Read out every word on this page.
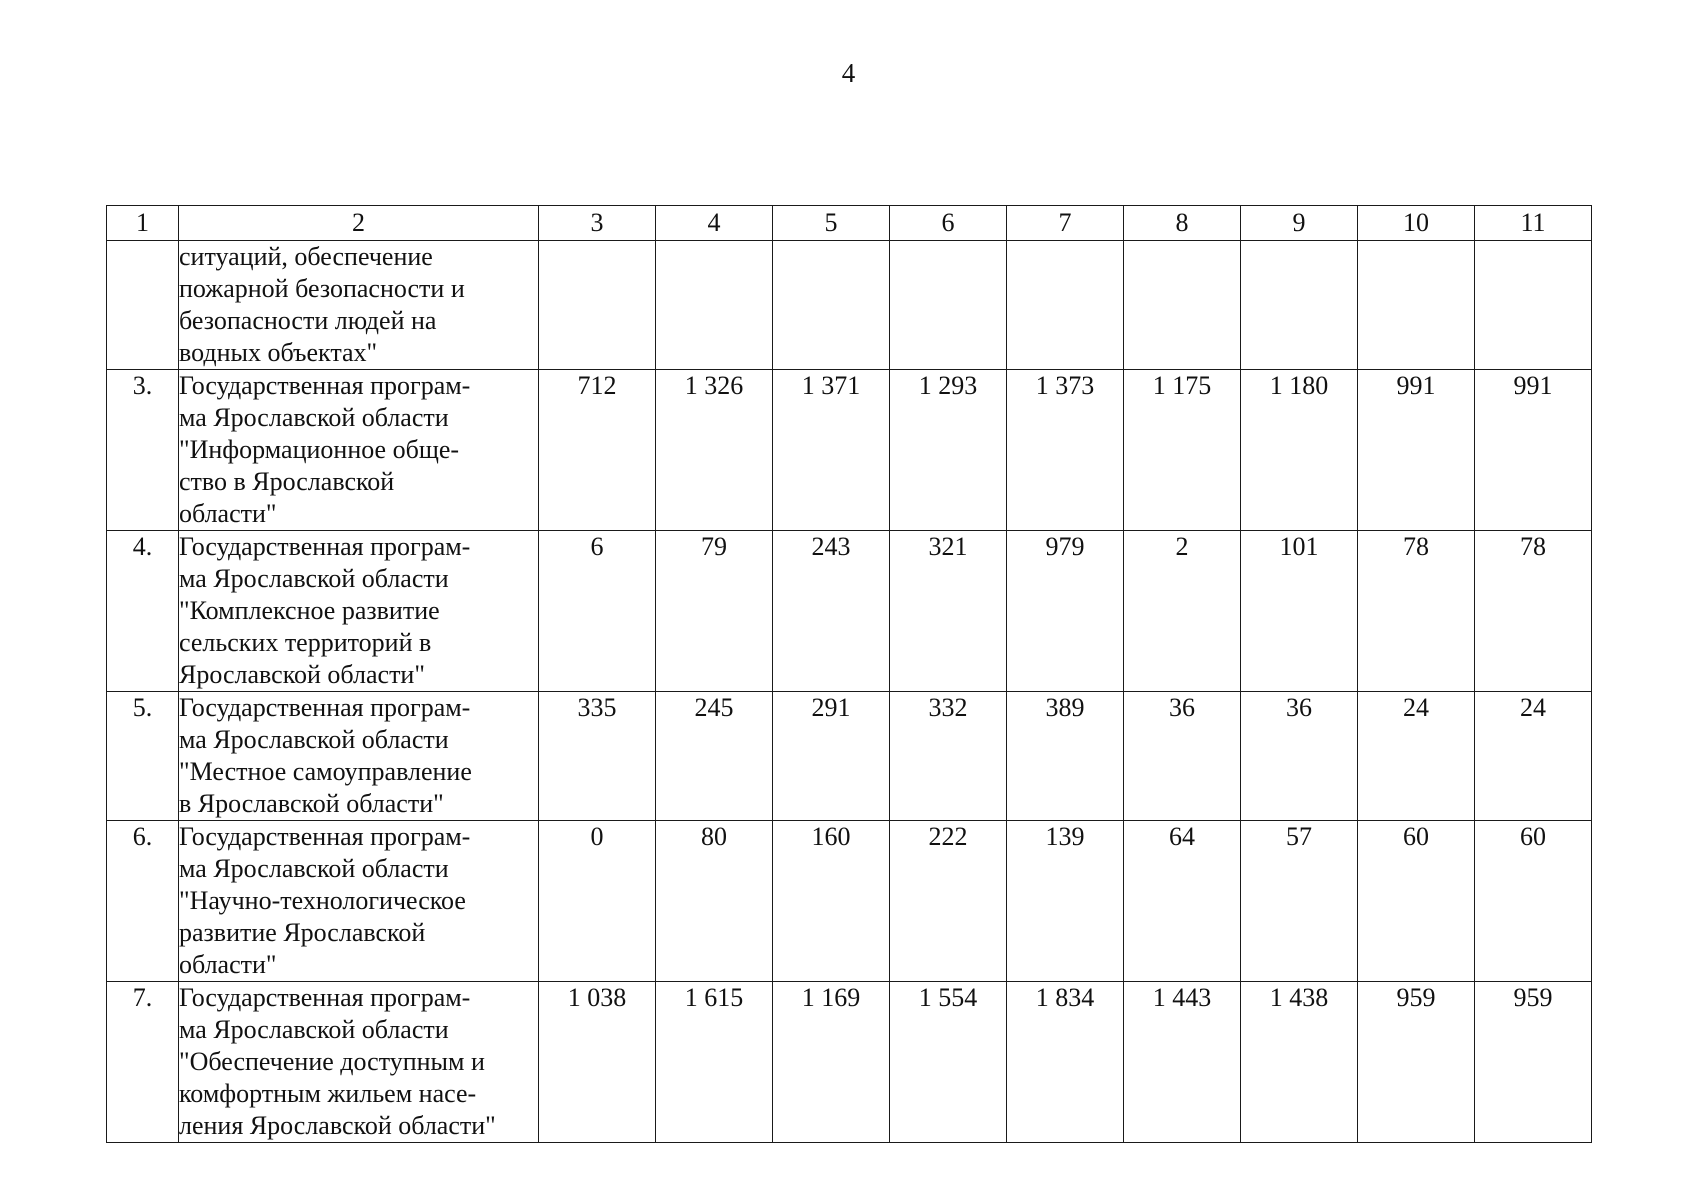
4
1	2	3	4	5	6	7	8	9	10	11
	ситуаций, обеспечение
пожарной безопасности и
безопасности людей на
водных объектах"									
3.	Государственная програм-
ма Ярославской области
"Информационное обще-
ство в Ярославской
области"	712	1 326	1 371	1 293	1 373	1 175	1 180	991	991
4.	Государственная програм-
ма Ярославской области
"Комплексное развитие
сельских территорий в
Ярославской области"	6	79	243	321	979	2	101	78	78
5.	Государственная програм-
ма Ярославской области
"Местное самоуправление
в Ярославской области"	335	245	291	332	389	36	36	24	24
6.	Государственная програм-
ма Ярославской области
"Научно-технологическое
развитие Ярославской
области"	0	80	160	222	139	64	57	60	60
7.	Государственная програм-
ма Ярославской области
"Обеспечение доступным и
комфортным жильем насе-
ления Ярославской области"	1 038	1 615	1 169	1 554	1 834	1 443	1 438	959	959
